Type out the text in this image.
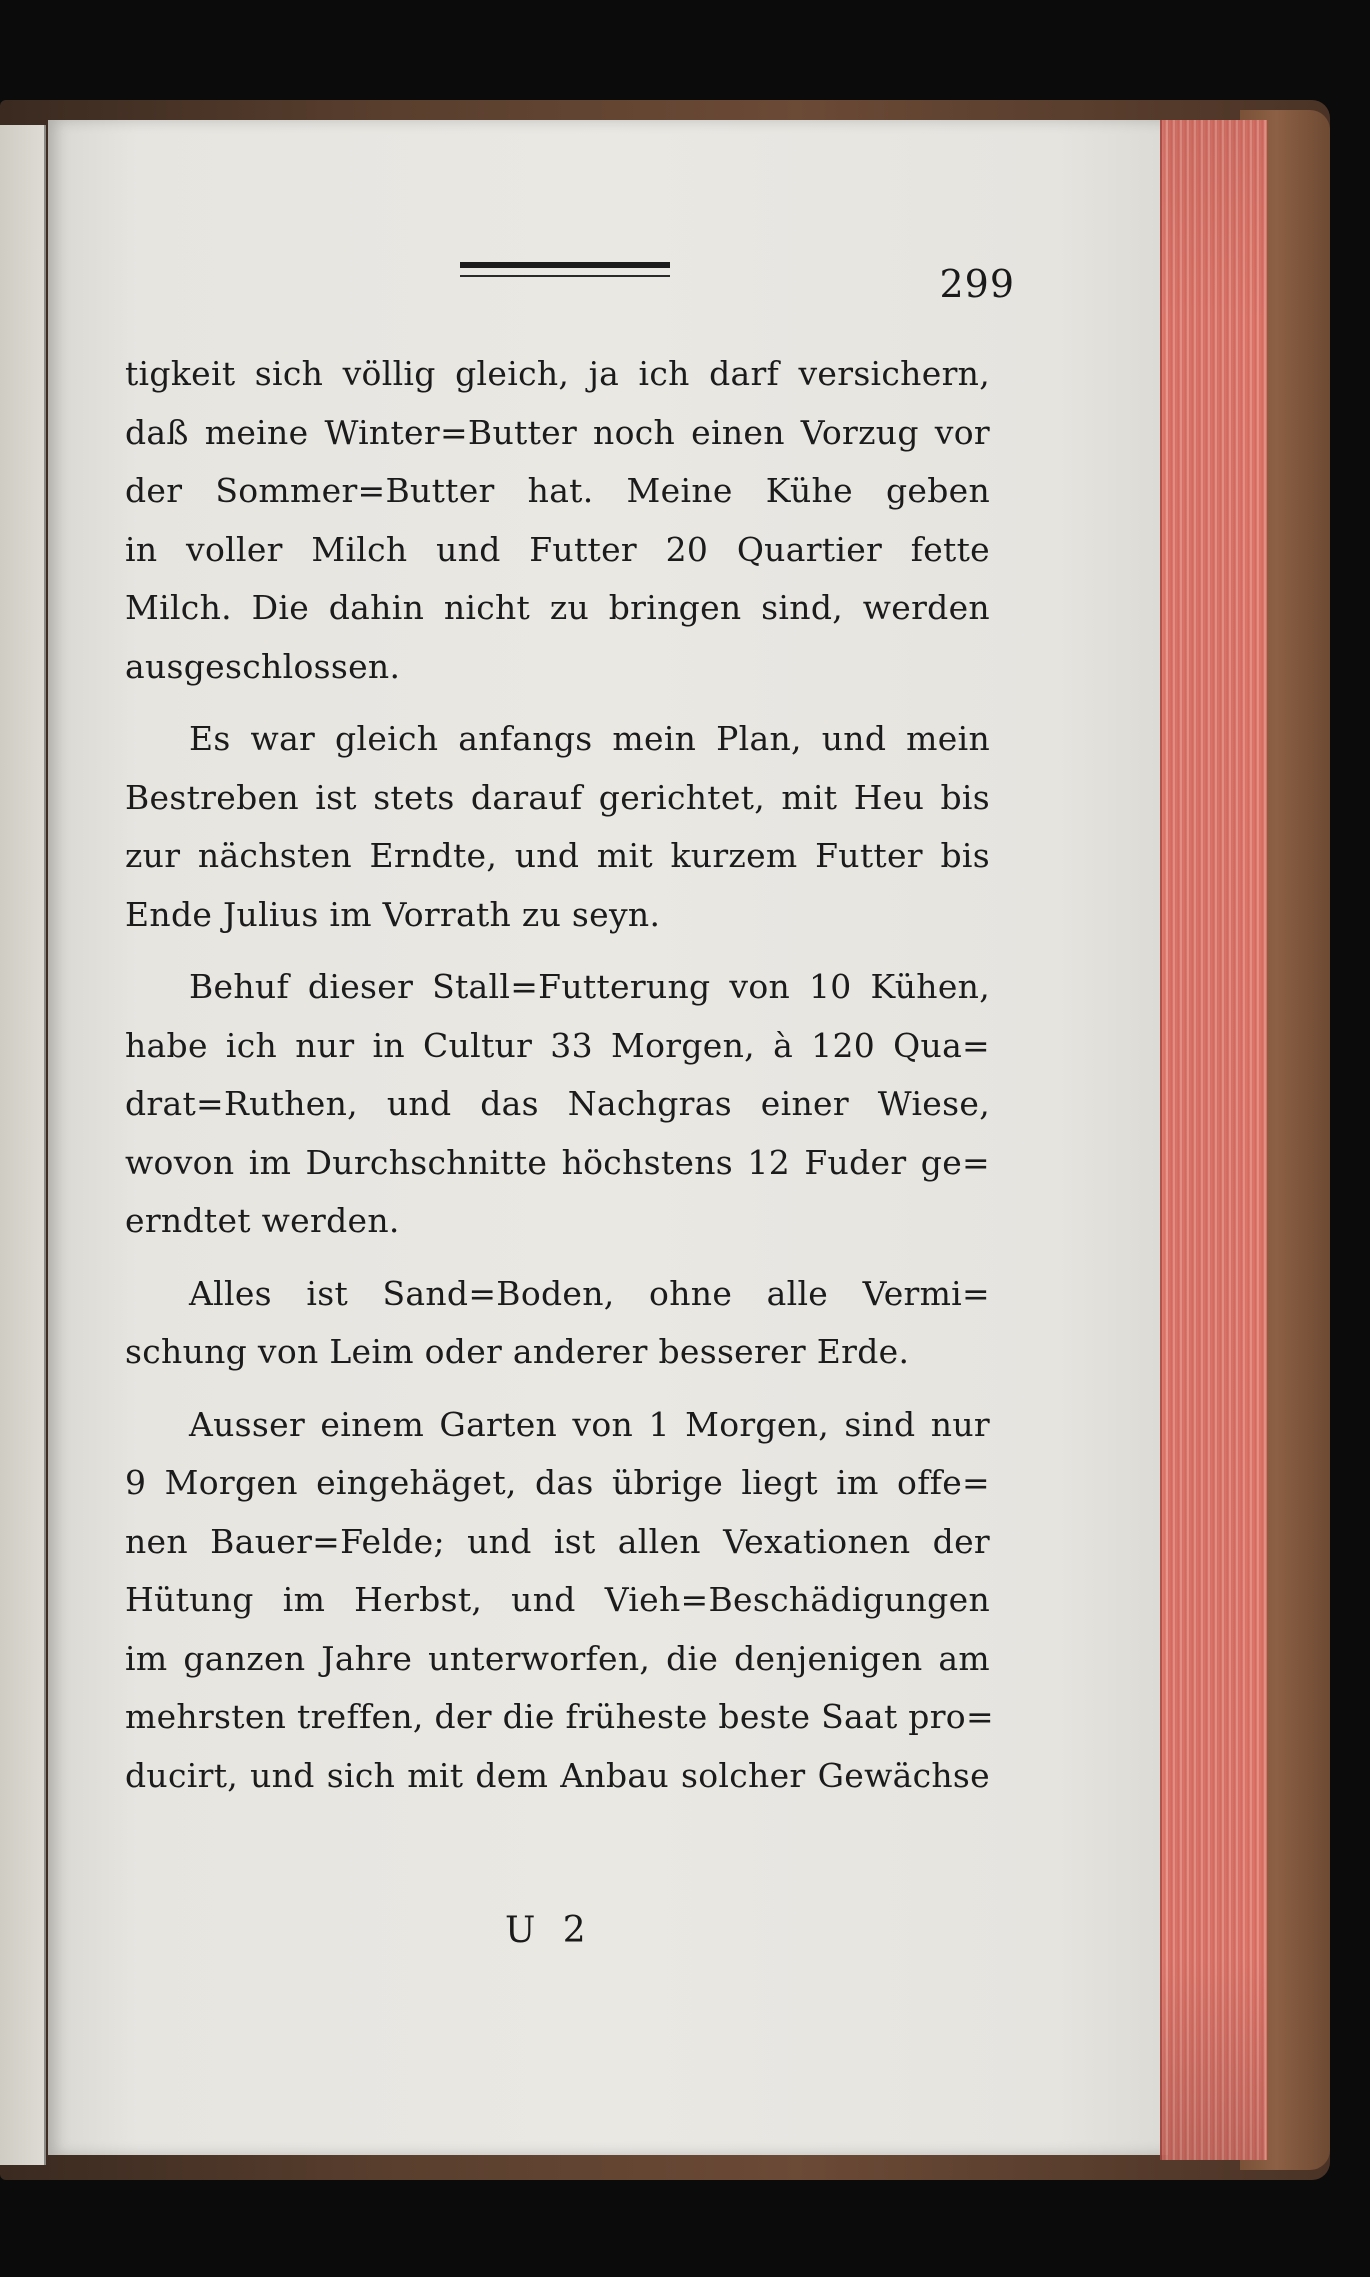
299
tigkeit sich völlig gleich, ja ich darf versichern,
daß meine Winter=Butter noch einen Vorzug vor
der Sommer=Butter hat. Meine Kühe geben
in voller Milch und Futter 20 Quartier fette
Milch. Die dahin nicht zu bringen sind, werden
ausgeschlossen.
Es war gleich anfangs mein Plan, und mein
Bestreben ist stets darauf gerichtet, mit Heu bis
zur nächsten Erndte, und mit kurzem Futter bis
Ende Julius im Vorrath zu seyn.
Behuf dieser Stall=Futterung von 10 Kühen,
habe ich nur in Cultur 33 Morgen, à 120 Qua=
drat=Ruthen, und das Nachgras einer Wiese,
wovon im Durchschnitte höchstens 12 Fuder ge=
erndtet werden.
Alles ist Sand=Boden, ohne alle Vermi=
schung von Leim oder anderer besserer Erde.
Ausser einem Garten von 1 Morgen, sind nur
9 Morgen eingehäget, das übrige liegt im offe=
nen Bauer=Felde; und ist allen Vexationen der
Hütung im Herbst, und Vieh=Beschädigungen
im ganzen Jahre unterworfen, die denjenigen am
mehrsten treffen, der die früheste beste Saat pro=
ducirt, und sich mit dem Anbau solcher Gewächse
U 2
